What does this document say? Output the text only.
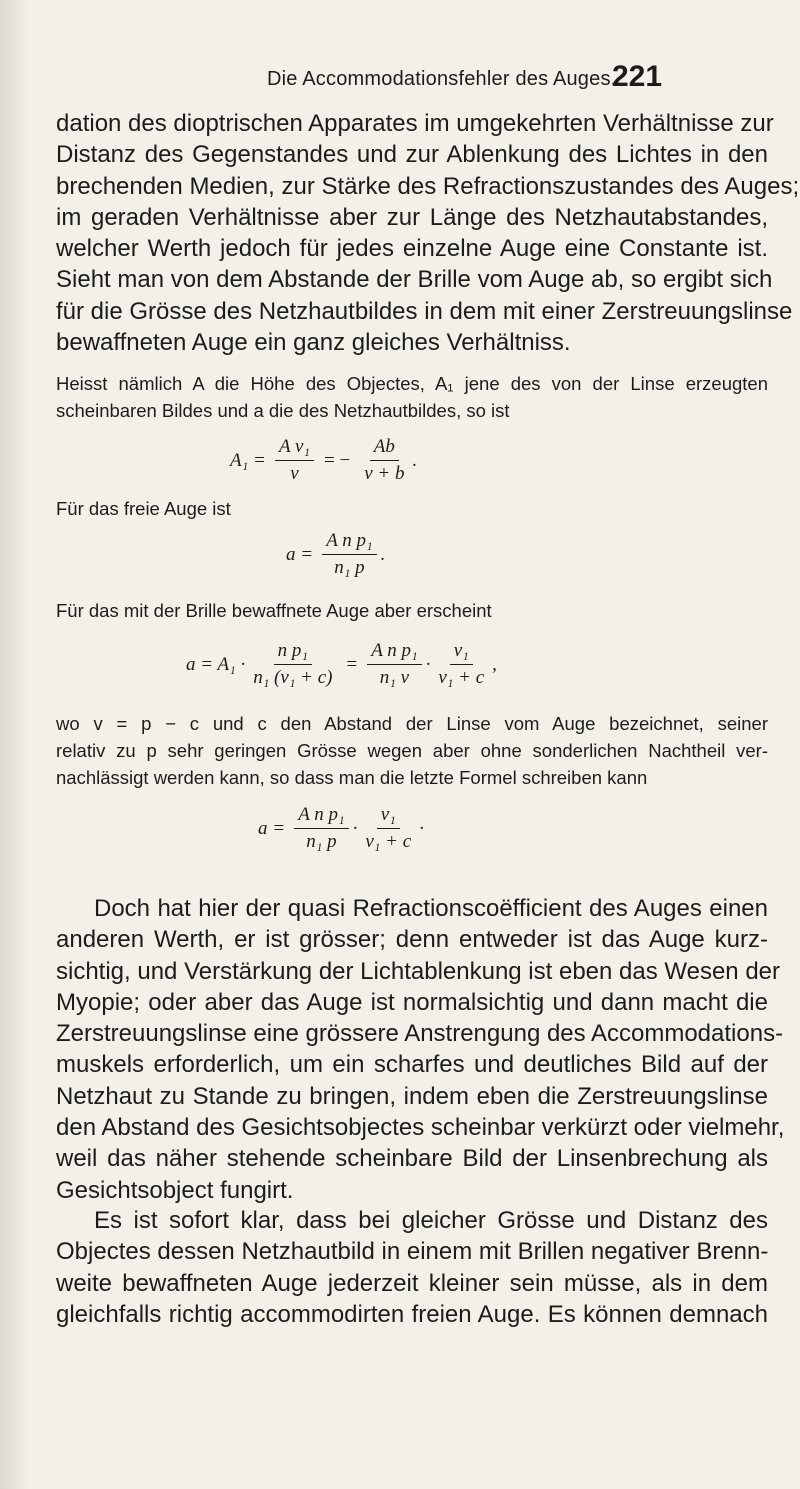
Die Accommodationsfehler des Auges.
221
dation des dioptrischen Apparates im umgekehrten Verhältnisse zur
Distanz des Gegenstandes und zur Ablenkung des Lichtes in den
brechenden Medien, zur Stärke des Refractionszustandes des Auges;
im geraden Verhältnisse aber zur Länge des Netzhautabstandes,
welcher Werth jedoch für jedes einzelne Auge eine Constante ist.
Sieht man von dem Abstande der Brille vom Auge ab, so ergibt sich
für die Grösse des Netzhautbildes in dem mit einer Zerstreuungslinse
bewaffneten Auge ein ganz gleiches Verhältniss.
Heisst nämlich A die Höhe des Objectes, A₁ jene des von der Linse erzeugten
scheinbaren Bildes und a die des Netzhautbildes, so ist
$A_1 = \frac{\text{A v₁}}{v}$ = − $\frac{Ab}{v + b}$ .
Für das freie Auge ist
$a = \frac{\text{A n p₁}}{\text{n₁ p}}$ .
Für das mit der Brille bewaffnete Auge aber erscheint
$a = A_1 \cdot \frac{\text{n p₁}}{\text{n₁ (v₁ + c)}} = \frac{\text{A n p₁}}{\text{n₁ v}} \cdot \frac{\text{v₁}}{\text{v₁ + c}}$ ,
wo v = p − c und c den Abstand der Linse vom Auge bezeichnet, seiner
relativ zu p sehr geringen Grösse wegen aber ohne sonderlichen Nachtheil ver-
nachlässigt werden kann, so dass man die letzte Formel schreiben kann
$a = \frac{\text{A n p₁}}{\text{n₁ p}} \cdot \frac{\text{v₁}}{\text{v₁ + c}}$ ·
Doch hat hier der quasi Refractionscoëfficient des Auges einen
anderen Werth, er ist grösser; denn entweder ist das Auge kurz-
sichtig, und Verstärkung der Lichtablenkung ist eben das Wesen der
Myopie; oder aber das Auge ist normalsichtig und dann macht die
Zerstreuungslinse eine grössere Anstrengung des Accommodations-
muskels erforderlich, um ein scharfes und deutliches Bild auf der
Netzhaut zu Stande zu bringen, indem eben die Zerstreuungslinse
den Abstand des Gesichtsobjectes scheinbar verkürzt oder vielmehr,
weil das näher stehende scheinbare Bild der Linsenbrechung als
Gesichtsobject fungirt.
Es ist sofort klar, dass bei gleicher Grösse und Distanz des
Objectes dessen Netzhautbild in einem mit Brillen negativer Brenn-
weite bewaffneten Auge jederzeit kleiner sein müsse, als in dem
gleichfalls richtig accommodirten freien Auge. Es können demnach
